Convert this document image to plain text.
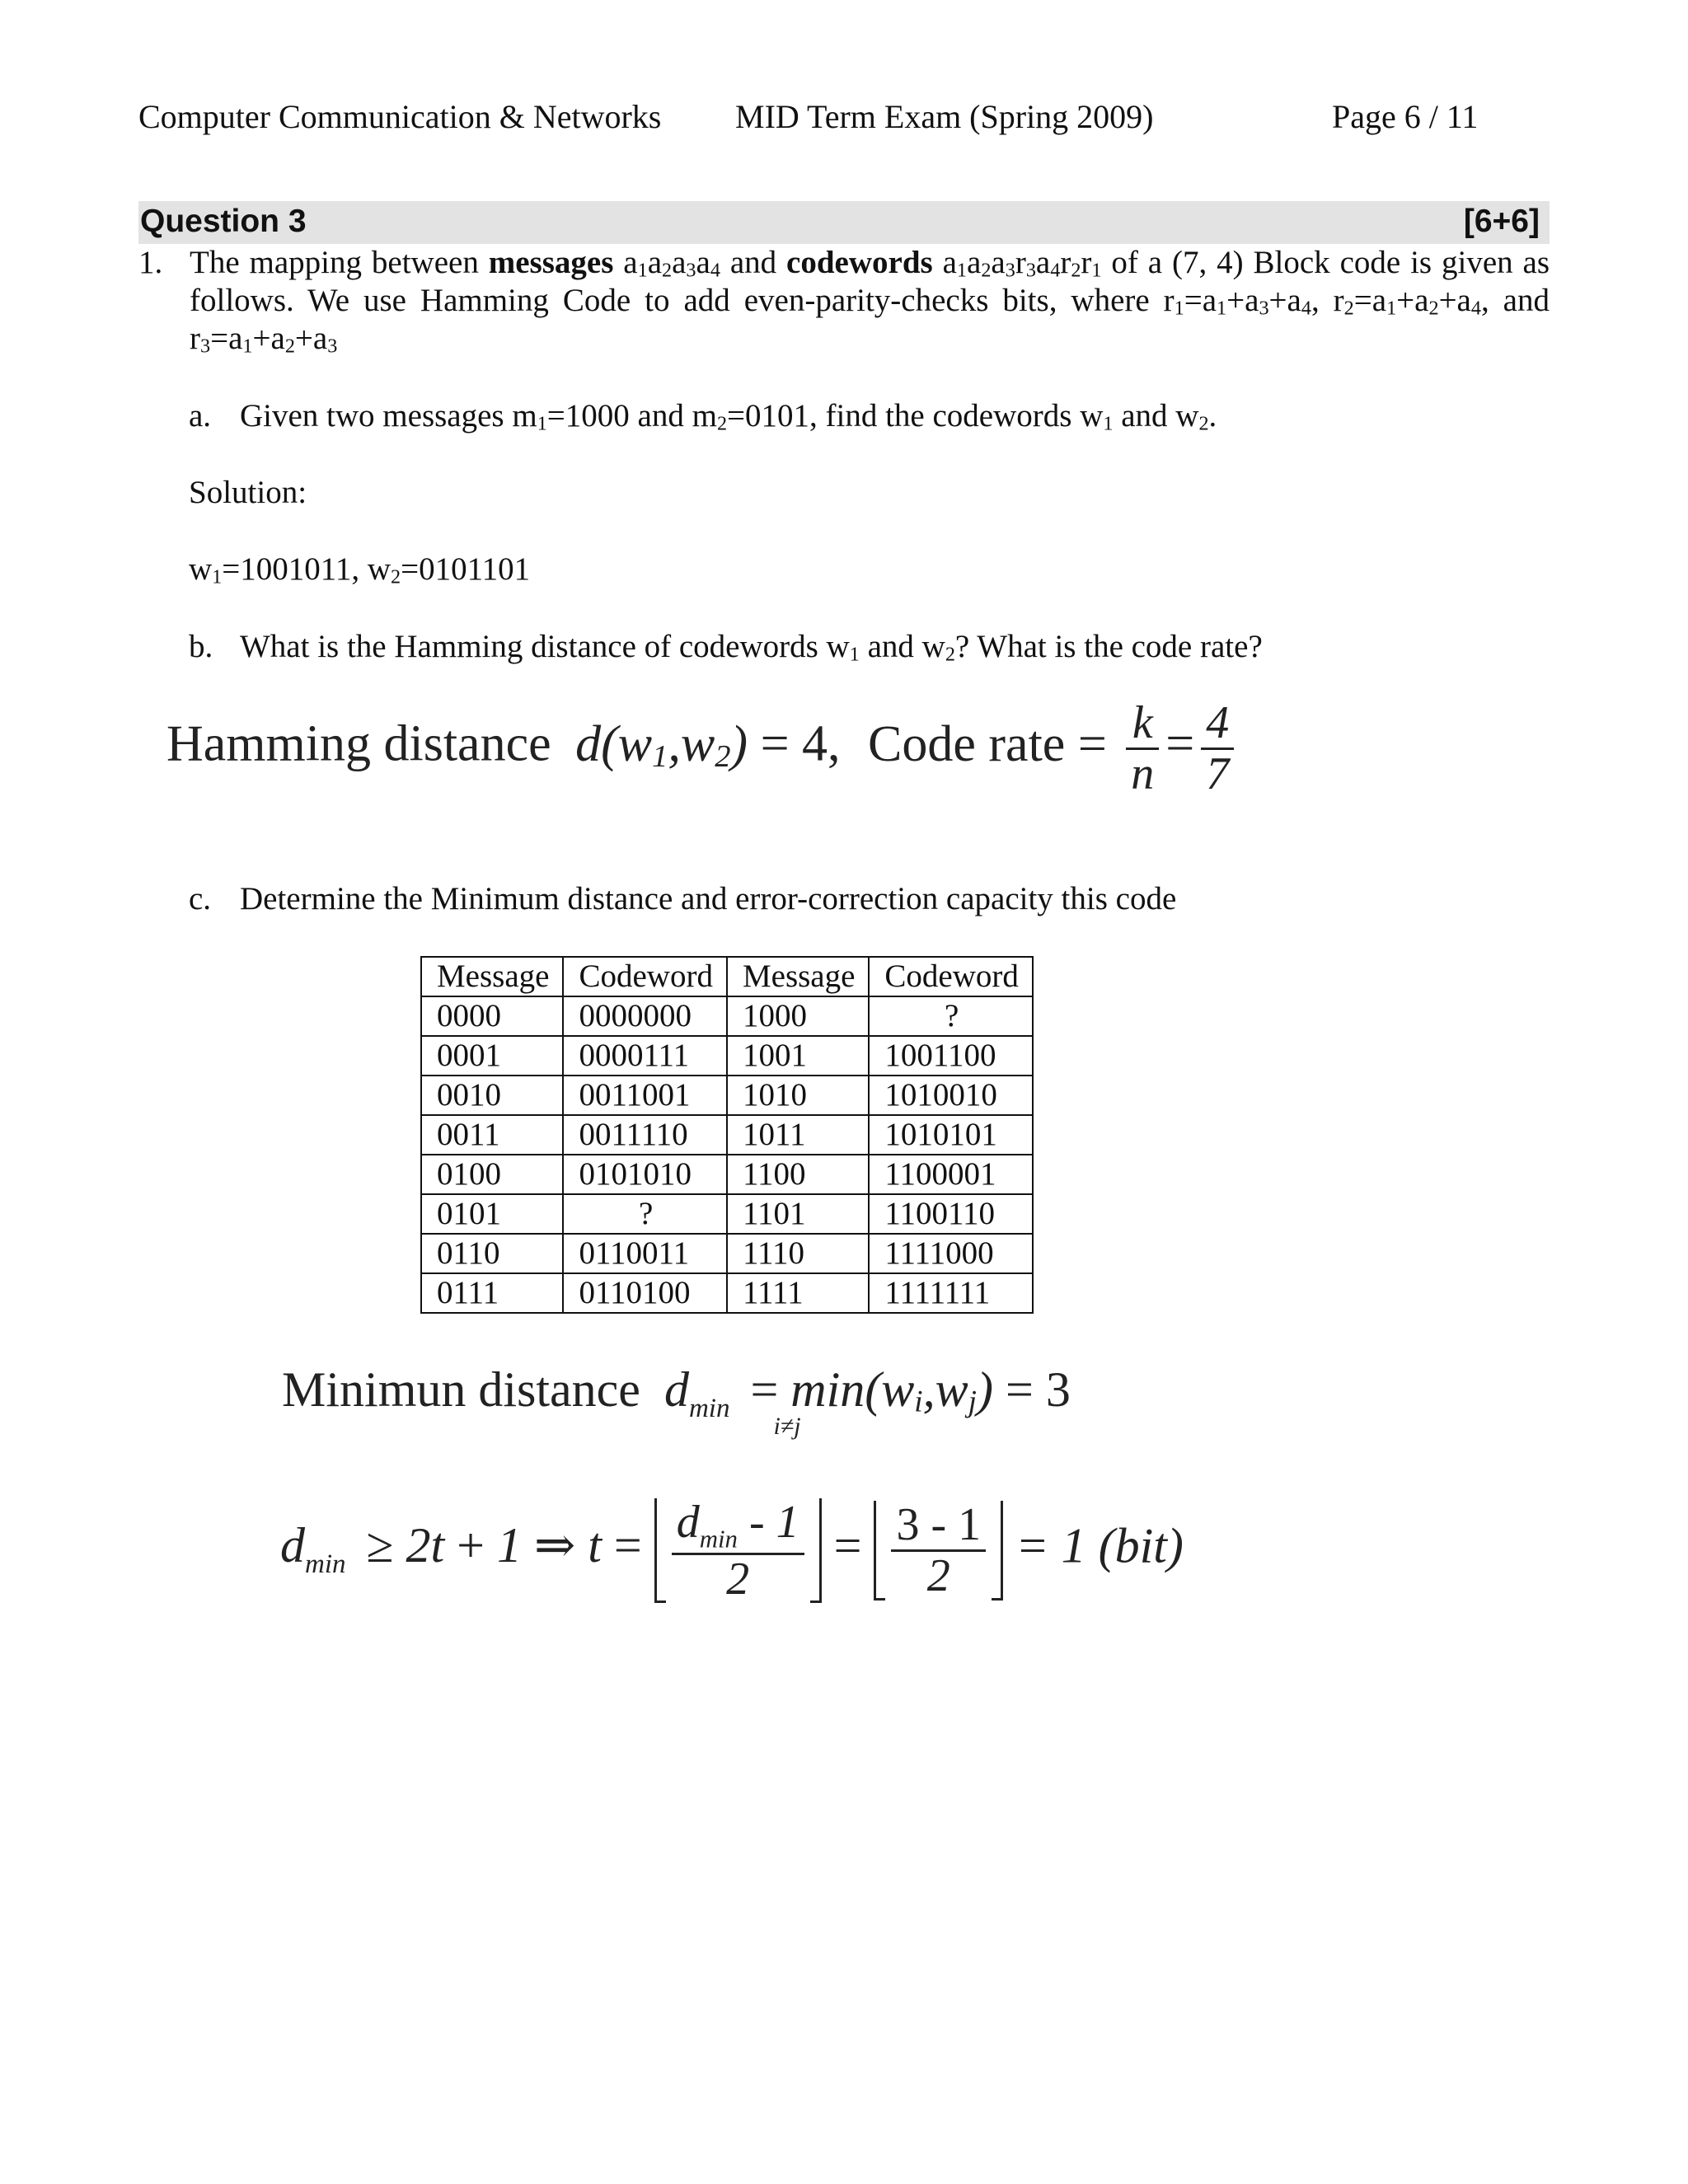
Computer Communication & Networks MID Term Exam (Spring 2009)	Page 6 / 11
Question 3	[6+6]
1. The mapping between messages $a_1a_2a_3a_4$ and codewords $a_1a_2a_3r_3a_4r_2r_1$ of a (7, 4) Block code is given as follows. We use Hamming Code to add even-parity-checks bits, where $r_1=a_1+a_3+a_4$, $r_2=a_1+a_2+a_4$, and $r_3=a_1+a_2+a_3$
a. Given two messages $m_1=1000$ and $m_2=0101$, find the codewords $w_1$ and $w_2$.
Solution:
$w_1=1001011$, $w_2=0101101$
b. What is the Hamming distance of codewords $w_1$ and $w_2$? What is the code rate?
Hamming distance $d(w_1,w_2) = 4$, Code rate = $\frac{k}{n} = \frac{4}{7}$
c. Determine the Minimum distance and error-correction capacity this code
Message	Codeword	Message	Codeword
0000	0000000	1000	?
0001	0000111	1001	1001100
0010	0011001	1010	1010010
0011	0011110	1011	1010101
0100	0101010	1100	1100001
0101	?	1101	1100110
0110	0110011	1110	1111000
0111	0110100	1111	1111111
Minimun distance $d_{min} = \min(w_i,w_j) = 3$
i≠j
$d_{min} \ge 2t + 1$ ⇒ $t = \frac{d_{min} - 1}{2} = \frac{3 - 1}{2} = 1$ (bit)
